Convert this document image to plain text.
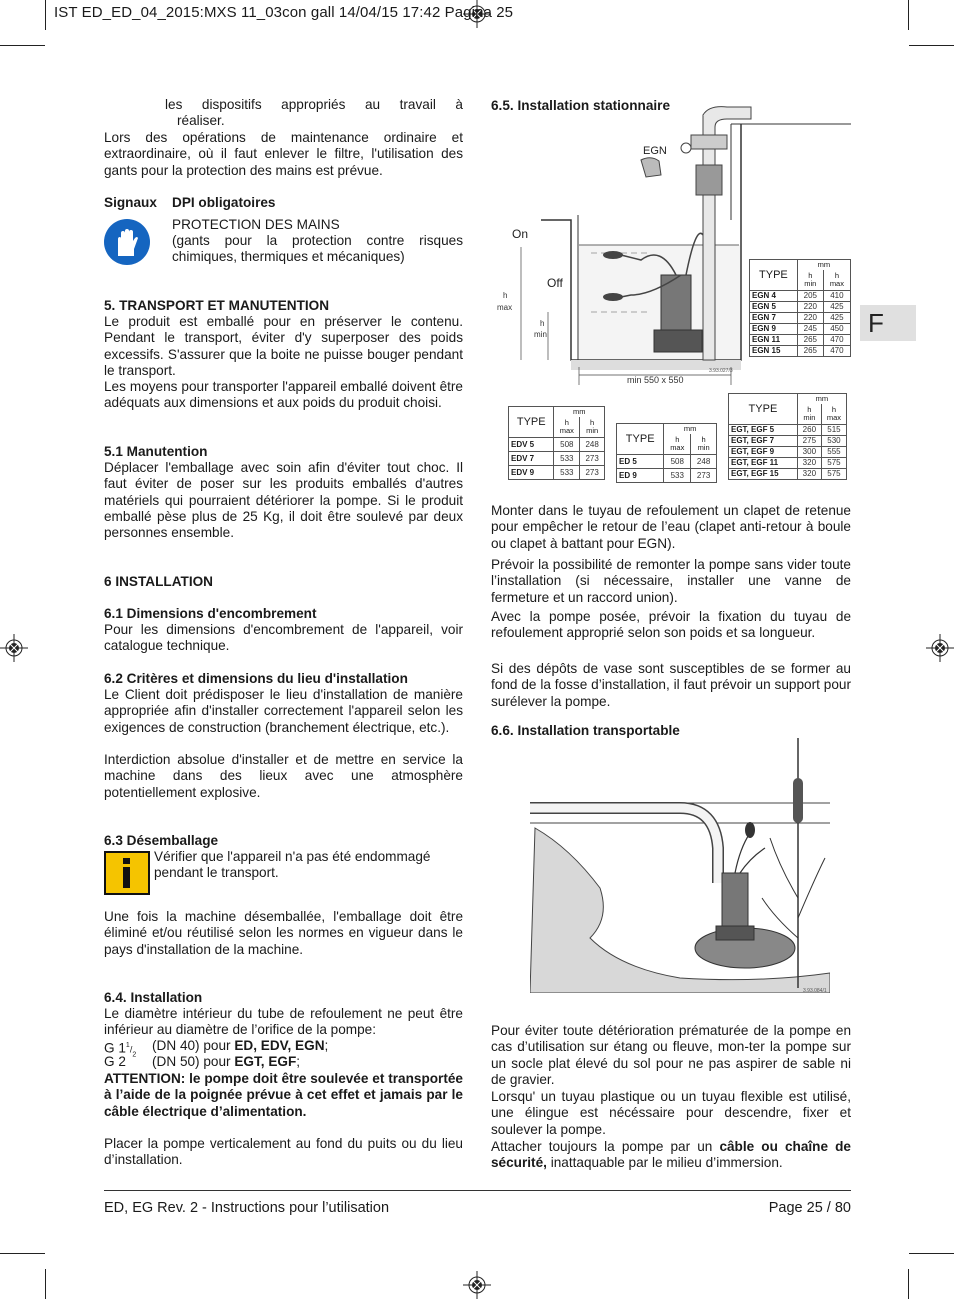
IST ED_ED_04_2015:MXS 11_03con gall 14/04/15 17:42 Pagina 25
F
les dispositifs appropriés au travail à
réaliser.
Lors des opérations de maintenance ordinaire et extraordinaire, où il faut enlever le filtre, l'utilisation des gants pour la protection des mains est prévue.
Signaux DPI obligatoires
PROTECTION DES MAINS
(gants pour la protection contre risques chimiques, thermiques et mécaniques)
5. TRANSPORT ET MANUTENTION
Le produit est emballé pour en préserver le contenu. Pendant le transport, éviter d'y superposer des poids excessifs. S'assurer que la boite ne puisse bouger pendant le transport.
Les moyens pour transporter l'appareil emballé doivent être adéquats aux dimensions et aux poids du produit choisi.
5.1 Manutention
Déplacer l'emballage avec soin afin d'éviter tout choc. Il faut éviter de poser sur les produits emballés d'autres matériels qui pourraient détériorer la pompe. Si le produit emballé pèse plus de 25 Kg, il doit être soulevé par deux personnes ensemble.
6 INSTALLATION
6.1 Dimensions d'encombrement
Pour les dimensions d'encombrement de l'appareil, voir catalogue technique.
6.2 Critères et dimensions du lieu d'installation
Le Client doit prédisposer le lieu d'installation de manière appropriée afin d'installer correctement l'appareil selon les exigences de construction (branchement électrique, etc.).
Interdiction absolue d'installer et de mettre en service la machine dans des lieux avec une atmosphère potentiellement explosive.
6.3 Désemballage
Vérifier que l'appareil n'a pas été endommagé pendant le transport.
Une fois la machine désemballée, l'emballage doit être éliminé et/ou réutilisé selon les normes en vigueur dans le pays d'installation de la machine.
6.4. Installation
Le diamètre intérieur du tube de refoulement ne peut être inférieur au diamètre de l’orifice de la pompe:
G $1^1/_2$
(DN 40) pour ED, EDV, EGN;
G 2 (DN 50) pour EGT, EGF;
ATTENTION: le pompe doit être soulevée et transportée à l’aide de la poignée prévue à cet effet et jamais par le câble électrique d’alimentation.
Placer la pompe verticalement au fond du puits ou du lieu d’installation.
6.5. Installation stationnaire
EGN
On
Off
h
max
h
min
min 550 x 550
3.93.027/3
TYPE	mm	
	h
min	h
max
EGN 4	205	410
EGN 5	220	425
EGN 7	220	425
EGN 9	245	450
EGN 11	265	470
EGN 15	265	470
TYPE	mm	
	h
max	h
min
EDV 5	508	248
EDV 7	533	273
EDV 9	533	273
TYPE	mm	
	h
max	h
min
ED 5	508	248
ED 9	533	273
TYPE	mm	
	h
min	h
max
EGT, EGF 5	260	515
EGT, EGF 7	275	530
EGT, EGF 9	300	555
EGT, EGF 11	320	575
EGT, EGF 15	320	575
Monter dans le tuyau de refoulement un clapet de retenue pour empêcher le retour de l’eau (clapet anti-retour à boule ou clapet à battant pour EGN).
Prévoir la possibilité de remonter la pompe sans vider toute l’installation (si nécessaire, installer une vanne de fermeture et un raccord union).
Avec la pompe posée, prévoir la fixation du tuyau de refoulement approprié selon son poids et sa longueur.
Si des dépôts de vase sont susceptibles de se former au fond de la fosse d’installation, il faut prévoir un support pour surélever la pompe.
6.6. Installation transportable
3.93.084/1
Pour éviter toute détérioration prématurée de la pompe en cas d’utilisation sur étang ou fleuve, mon-ter la pompe sur un socle plat élevé du sol pour ne pas aspirer de sable ni de gravier.
Lorsqu' un tuyau plastique ou un tuyau flexible est utilisé, une élingue est nécéssaire pour descendre, fixer et soulever la pompe.
Attacher toujours la pompe par un câble ou chaîne de sécurité, inattaquable par le milieu d’immersion.
ED, EG Rev. 2 - Instructions pour l’utilisation	Page 25 / 80
